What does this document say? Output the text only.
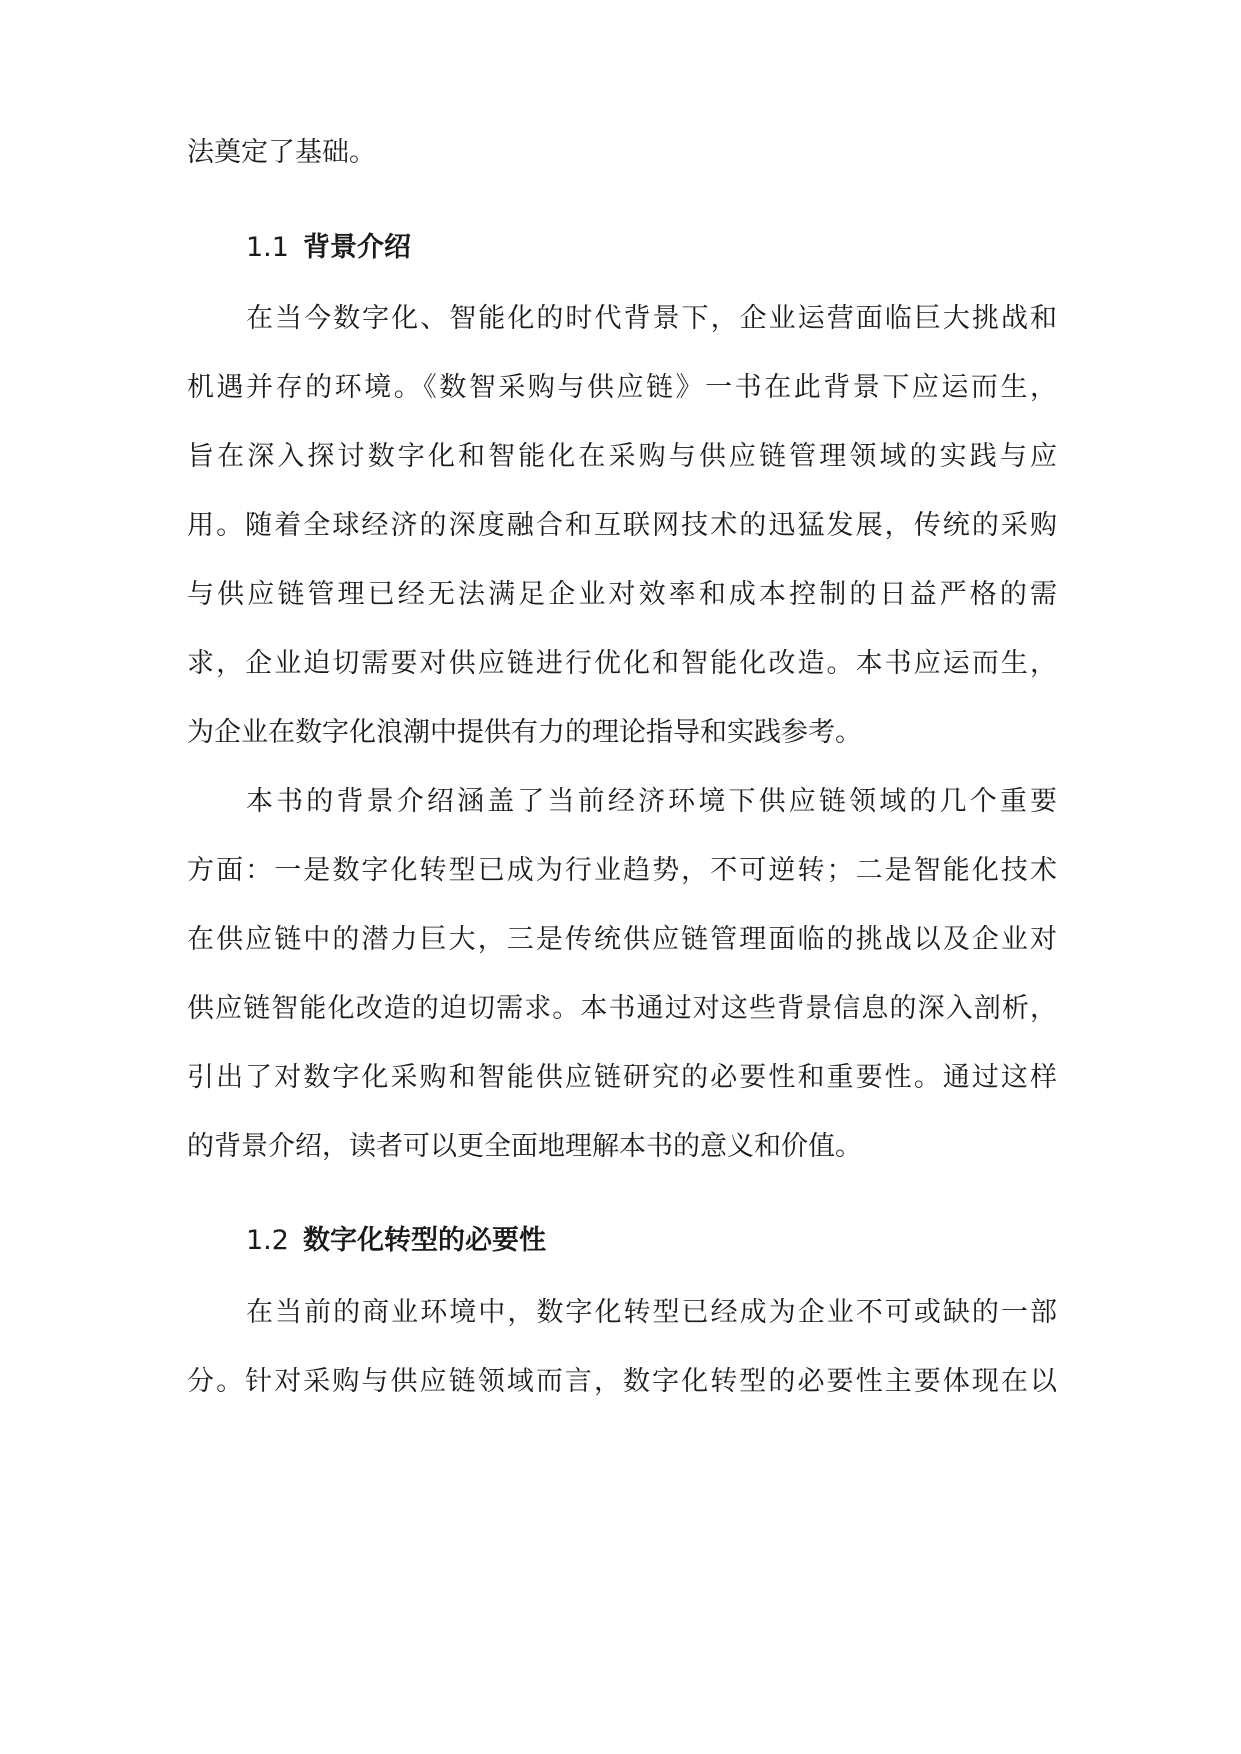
法奠定了基础。
1.1 背景介绍
在当今数字化、智能化的时代背景下，企业运营面临巨大挑战和
机遇并存的环境。《数智采购与供应链》一书在此背景下应运而生，
旨在深入探讨数字化和智能化在采购与供应链管理领域的实践与应
用。随着全球经济的深度融合和互联网技术的迅猛发展，传统的采购
与供应链管理已经无法满足企业对效率和成本控制的日益严格的需
求，企业迫切需要对供应链进行优化和智能化改造。本书应运而生，
为企业在数字化浪潮中提供有力的理论指导和实践参考。
本书的背景介绍涵盖了当前经济环境下供应链领域的几个重要
方面：一是数字化转型已成为行业趋势，不可逆转；二是智能化技术
在供应链中的潜力巨大，三是传统供应链管理面临的挑战以及企业对
供应链智能化改造的迫切需求。本书通过对这些背景信息的深入剖析，
引出了对数字化采购和智能供应链研究的必要性和重要性。通过这样
的背景介绍，读者可以更全面地理解本书的意义和价值。
1.2 数字化转型的必要性
在当前的商业环境中，数字化转型已经成为企业不可或缺的一部
分。针对采购与供应链领域而言，数字化转型的必要性主要体现在以
